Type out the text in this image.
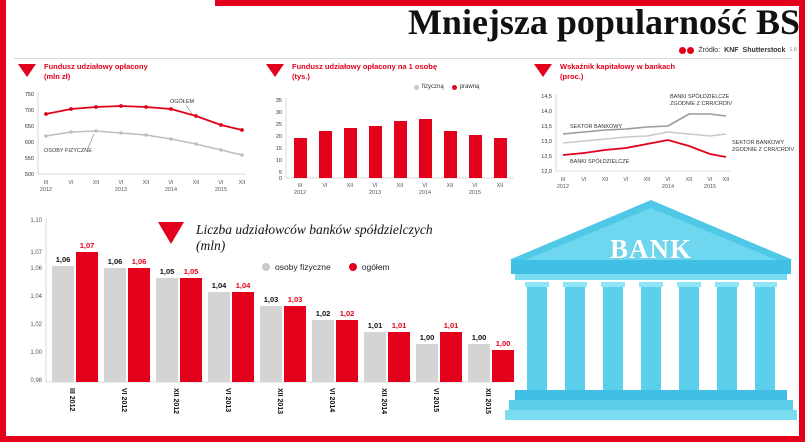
Mniejsza popularność BS
Źródło: KNF Shutterstock 1.6
Fundusz udziałowy opłacony
(mln zł)
750
700
650
600
550
500
OGÓŁEM
OSOBY FIZYCZNE
III	VI	XII	VI	XII	VI	XII	VI	XII
2012	2013	2014	2015
Fundusz udziałowy opłacony na 1 osobę
(tys.)
fizyczną	prawną
35
30
25
20
15
10
5
0
III	VI	XII	VI	XII	VI	XII	VI	XII
2012	2013	2014	2015
Wskaźnik kapitałowy w bankach
(proc.)
14,5
14,0
13,5
13,0
12,5
12,0
BANKI SPÓŁDZIELCZE
ZGODNIE Z CRR/CRDIV
SEKTOR BANKOWY
BANKI SPÓŁDZIELCZE
SEKTOR BANKOWY
ZGODNIE Z CRR/CRDIV
III	VI	XII	VI	XII	VI	XII	VI XII
2012	2014	2015
Liczba udziałowców banków spółdzielczych
(mln)
osoby fizyczne	ogółem
1,10
1,07
1,06
1,04
1,02
1,00
0,98
1,06
1,07
1,06 1,06
1,05 1,05
1,04 1,04
1,03 1,03
1,02 1,02
1,01 1,01
1,00
1,01
1,00
1,00
III 2012	VI 2012	XII 2012	VI 2013	XII 2013	VI 2014	XII 2014	VI 2015	XII 2015
BANK
